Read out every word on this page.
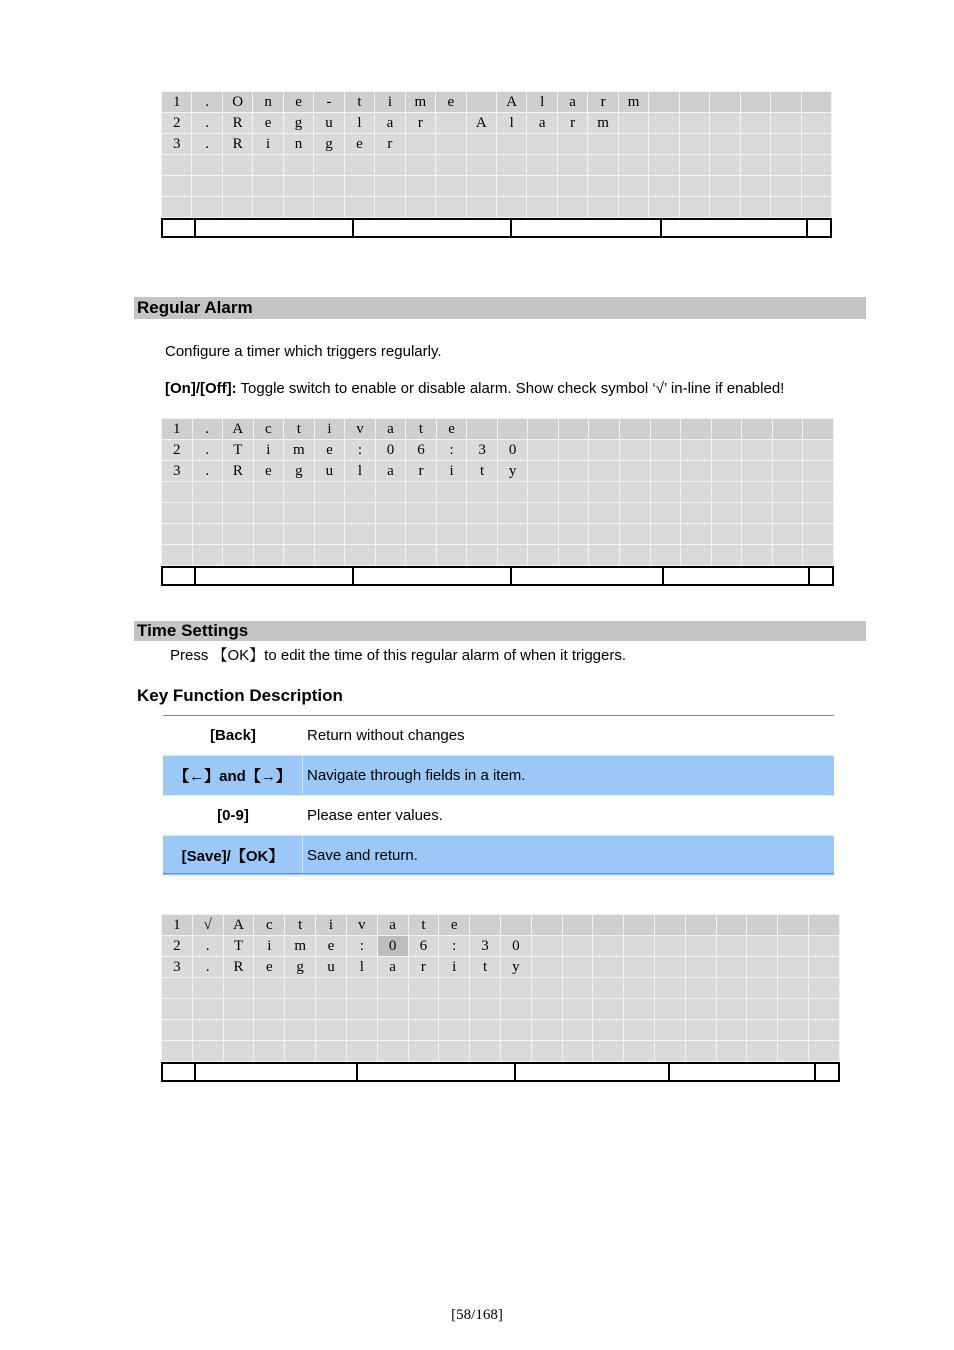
1	.	O	n	e	-	t	i	m	e		A	l	a	r	m						
2	.	R	e	g	u	l	a	r		A	l	a	r	m							
3	.	R	i	n	g	e	r														

Regular Alarm
Configure a timer which triggers regularly.
[On]/[Off]: Toggle switch to enable or disable alarm. Show check symbol ‘√’ in-line if enabled!
1	.	A	c	t	i	v	a	t	e												
2	.	T	i	m	e	:	0	6	:	3	0										
3	.	R	e	g	u	l	a	r	i	t	y										

Time Settings
Press 【OK】to edit the time of this regular alarm of when it triggers.
Key Function Description
[Back]	Return without changes
【←】and【→】	Navigate through fields in a item.
[0-9]	Please enter values.
[Save]/【OK】	Save and return.
1	√	A	c	t	i	v	a	t	e												
2	.	T	i	m	e	:	0	6	:	3	0										
3	.	R	e	g	u	l	a	r	i	t	y										

[58/168]
